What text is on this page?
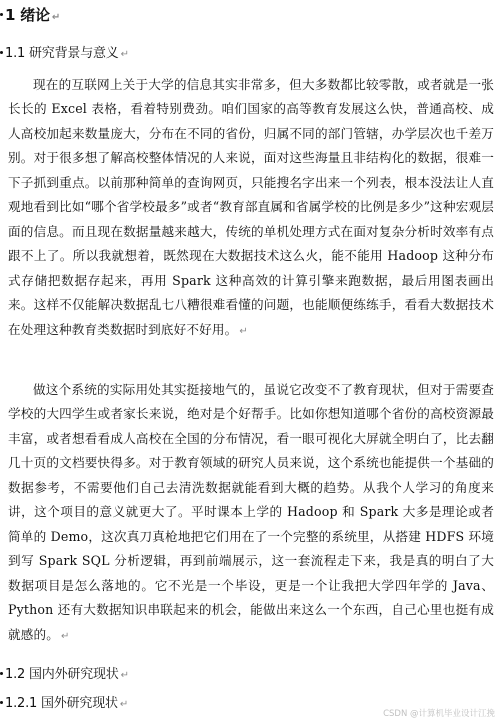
1 绪论 ↵
1.1 研究背景与意义 ↵

现在的互联网上关于大学的信息其实非常多，但大多数都比较零散，或者就是一张长长的 Excel 表格，看着特别费劲。咱们国家的高等教育发展这么快，普通高校、成人高校加起来数量庞大，分布在不同的省份，归属不同的部门管辖，办学层次也千差万别。对于很多想了解高校整体情况的人来说，面对这些海量且非结构化的数据，很难一下子抓到重点。以前那种简单的查询网页，只能搜名字出来一个列表，根本没法让人直观地看到比如“哪个省学校最多”或者“教育部直属和省属学校的比例是多少”这种宏观层面的信息。而且现在数据量越来越大，传统的单机处理方式在面对复杂分析时效率有点跟不上了。所以我就想着，既然现在大数据技术这么火，能不能用 Hadoop 这种分布式存储把数据存起来，再用 Spark 这种高效的计算引擎来跑数据，最后用图表画出来。这样不仅能解决数据乱七八糟很难看懂的问题，也能顺便练练手，看看大数据技术在处理这种教育类数据时到底好不好用。 ↵

做这个系统的实际用处其实挺接地气的，虽说它改变不了教育现状，但对于需要查学校的大四学生或者家长来说，绝对是个好帮手。比如你想知道哪个省份的高校资源最丰富，或者想看看成人高校在全国的分布情况，看一眼可视化大屏就全明白了，比去翻几十页的文档要快得多。对于教育领域的研究人员来说，这个系统也能提供一个基础的数据参考，不需要他们自己去清洗数据就能看到大概的趋势。从我个人学习的角度来讲，这个项目的意义就更大了。平时课本上学的 Hadoop 和 Spark 大多是理论或者简单的 Demo，这次真刀真枪地把它们用在了一个完整的系统里，从搭建 HDFS 环境到写 Spark SQL 分析逻辑，再到前端展示，这一套流程走下来，我是真的明白了大数据项目是怎么落地的。它不光是一个毕设，更是一个让我把大学四年学的 Java、Python 还有大数据知识串联起来的机会，能做出来这么一个东西，自己心里也挺有成就感的。 ↵

1.2 国内外研究现状 ↵
1.2.1 国外研究现状 ↵
CSDN @计算机毕业设计江挽
